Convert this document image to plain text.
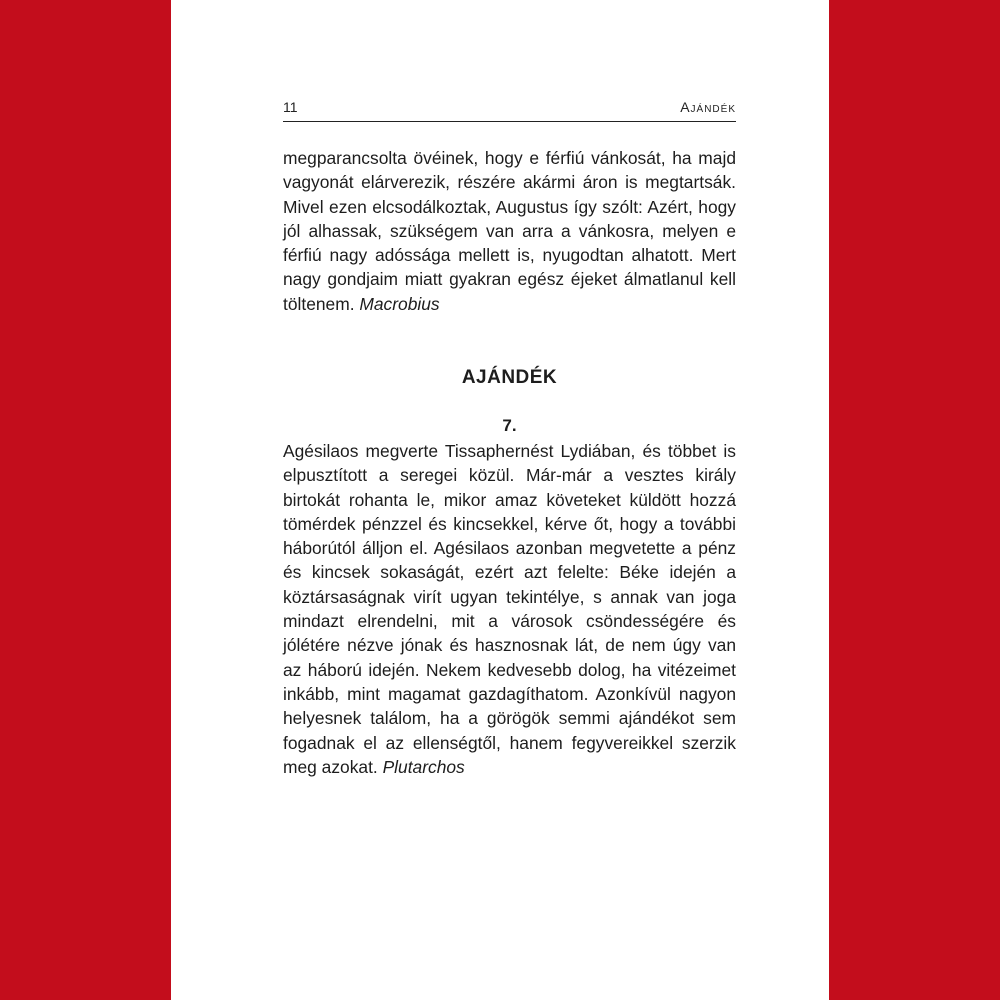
11	Ajándék

megparancsolta övéinek, hogy e férfiú vánkosát, ha majd vagyonát elárverezik, részére akármi áron is megtartsák. Mivel ezen elcsodálkoztak, Augustus így szólt: Azért, hogy jól alhassak, szükségem van arra a vánkosra, melyen e férfiú nagy adóssága mellett is, nyugodtan alhatott. Mert nagy gondjaim miatt gyakran egész éjeket álmatlanul kell töltenem. Macrobius

AJÁNDÉK
7.

Agésilaos megverte Tissaphernést Lydiában, és többet is elpusztított a seregei közül. Már-már a vesztes király birtokát rohanta le, mikor amaz követeket küldött hozzá tömérdek pénzzel és kincsekkel, kérve őt, hogy a további háborútól álljon el. Agésilaos azonban megvetette a pénz és kincsek sokaságát, ezért azt felelte: Béke idején a köztársaságnak virít ugyan tekintélye, s annak van joga mindazt elrendelni, mit a városok csöndességére és jólétére nézve jónak és hasznosnak lát, de nem úgy van az háború idején. Nekem kedvesebb dolog, ha vitézeimet inkább, mint magamat gazdagíthatom. Azonkívül nagyon helyesnek találom, ha a görögök semmi ajándékot sem fogadnak el az ellenségtől, hanem fegyvereikkel szerzik meg azokat. Plutarchos
